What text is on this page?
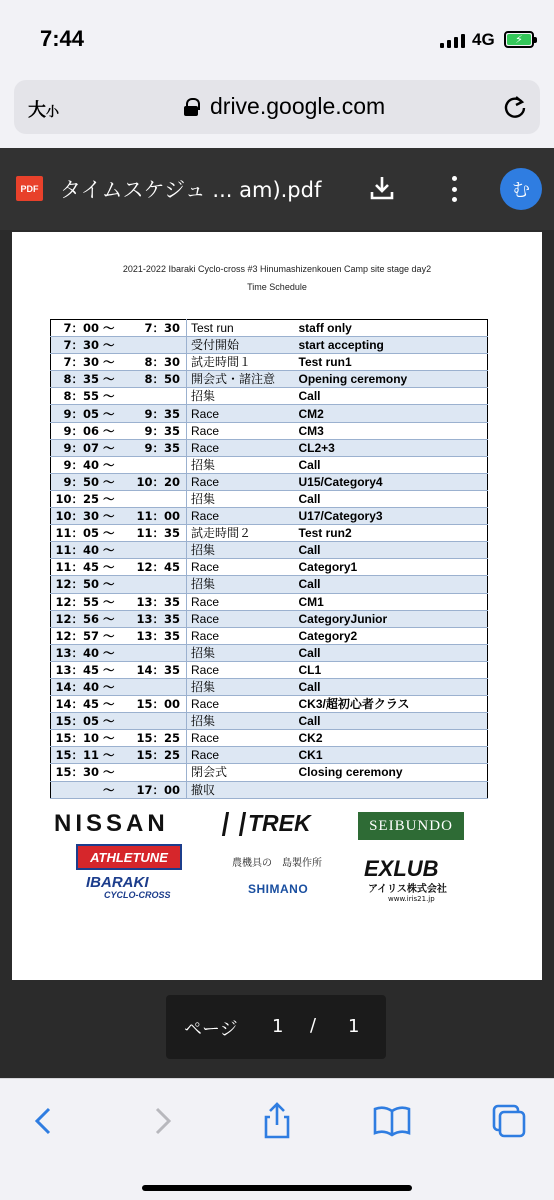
7:44	4G	⚡
大小	drive.google.com
PDF タイムスケジュ ... am).pdf	む
2021-2022 Ibaraki Cyclo-cross #3 Hinumashizenkouen Camp site stage day2
Time Schedule
7：00 ～	7：30	Test run	staff only
7：30 ～		受付開始	start accepting
7：30 ～	8：30	試走時間１	Test run1
8：35 ～	8：50	開会式・諸注意	Opening ceremony
8：55 ～		招集	Call
9：05 ～	9：35	Race	CM2
9：06 ～	9：35	Race	CM3
9：07 ～	9：35	Race	CL2+3
9：40 ～		招集	Call
9：50 ～	10：20	Race	U15/Category4
10：25 ～		招集	Call
10：30 ～	11：00	Race	U17/Category3
11：05 ～	11：35	試走時間２	Test run2
11：40 ～		招集	Call
11：45 ～	12：45	Race	Category1
12：50 ～		招集	Call
12：55 ～	13：35	Race	CM1
12：56 ～	13：35	Race	CategoryJunior
12：57 ～	13：35	Race	Category2
13：40 ～		招集	Call
13：45 ～	14：35	Race	CL1
14：40 ～		招集	Call
14：45 ～	15：00	Race	CK3/超初心者クラス
15：05 ～		招集	Call
15：10 ～	15：25	Race	CK2
15：11 ～	15：25	Race	CK1
15：30 ～		閉会式	Closing ceremony
～	17：00	撤収	
NISSAN	TREK	SEIBUNDO
ATHLETUNE
IBARAKI
CYCLO-CROSS
農機具の　島製作所
SHIMANO
EXLUB
アイリス株式会社
www.iris21.jp
ページ 1 / 1
